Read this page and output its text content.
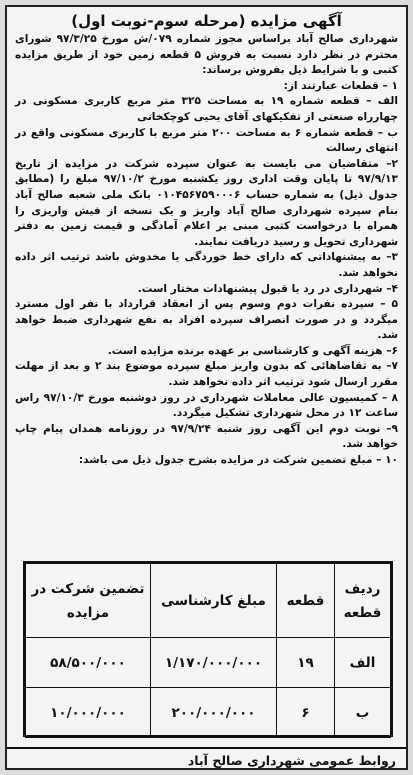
آگهی مزایده (مرحله سوم-نوبت اول)

شهرداری صالح آباد براساس مجوز شماره ۰۷۹/ش مورخ ۹۷/۳/۲۵ شورای محترم در نظر دارد نسبت به فروش ۵ قطعه زمین خود از طریق مزایده کتبی و با شرایط ذیل بفروش برساند:

۱ – قطعات عبارتند از:

الف – قطعه شماره ۱۹ به مساحت ۳۲۵ متر مربع کاربری مسکونی در چهارراه صنعتی از تفکیکهای آقای یحیی کوچکخانی

ب – قطعه شماره ۶ به مساحت ۲۰۰ متر مربع با کاربری مسکونی واقع در انتهای رسالت

۲– متقاضیان می بایست به عنوان سپرده شرکت در مزایده از تاریخ ۹۷/۹/۱۳ تا پایان وقت اداری روز یکشنبه مورخ ۹۷/۱۰/۲ مبلغ را (مطابق جدول ذیل) به شماره حساب ۰۱۰۴۵۶۷۵۹۰۰۰۶ بانک ملی شعبه صالح آباد بنام سپرده شهرداری صالح آباد واریز و یک نسخه از فیش واریزی را همراه با درخواست کتبی مبنی بر اعلام آمادگی و قیمت زمین به دفتر شهرداری تحویل و رسید دریافت نمایند.

۳– به پیشنهاداتی که دارای خط خوردگی یا مخدوش باشد ترتیب اثر داده نخواهد شد.

۴– شهرداری در رد یا قبول پیشنهادات مختار است.

۵ – سپرده نفرات دوم وسوم پس از انعقاد قرارداد با نفر اول مسترد میگردد و در صورت انصراف سپرده افراد به نفع شهرداری ضبط خواهد شد.

۶– هزینه آگهی و کارشناسی بر عهده برنده مزایده است.

۷– به تقاضاهائی که بدون واریز مبلغ سپرده موضوع بند ۲ و بعد از مهلت مقرر ارسال شود ترتیب اثر داده نخواهد شد.

۸ – کمیسیون عالی معاملات شهرداری در روز دوشنبه مورخ ۹۷/۱۰/۳ راس ساعت ۱۲ در محل شهرداری تشکیل میگردد.

۹– نوبت دوم این آگهی روز شنبه ۹۷/۹/۲۴ در روزنامه همدان پیام چاپ خواهد شد.

۱۰ – مبلغ تضمین شرکت در مزایده بشرح جدول ذیل می باشد:

ردیف قطعه	قطعه	مبلغ کارشناسی	تضمین شرکت در مزایده
الف	۱۹	۱/۱۷۰/۰۰۰/۰۰۰	۵۸/۵۰۰/۰۰۰
ب	۶	۲۰۰/۰۰۰/۰۰۰	۱۰/۰۰۰/۰۰۰
روابط عمومی شهرداری صالح آباد
